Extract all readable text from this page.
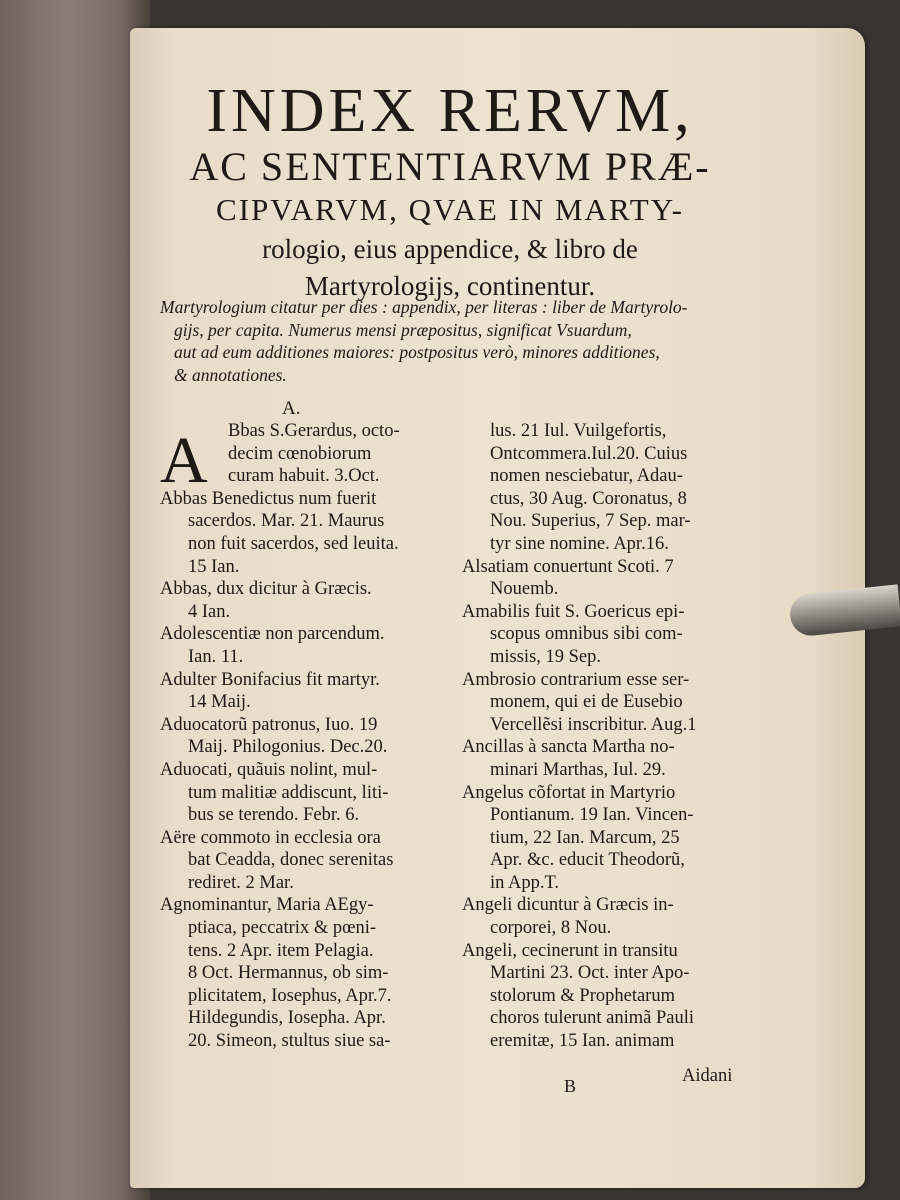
INDEX RERVM,
AC SENTENTIARVM PRÆ-
CIPVARVM, QVAE IN MARTY-
rologio, eius appendice, & libro de
Martyrologijs, continentur.
Martyrologium citatur per dies : appendix, per literas : liber de Martyrolo-
gijs, per capita. Numerus mensi præpositus, significat Vsuardum,
aut ad eum additiones maiores: postpositus verò, minores additiones,
& annotationes.
A.
A	Bbas S.Gerardus, octo-
decim cœnobiorum
curam habuit. 3.Oct.
Abbas Benedictus num fuerit
sacerdos. Mar. 21. Maurus
non fuit sacerdos, sed leuita.
15 Ian.
Abbas, dux dicitur à Græcis.
4 Ian.
Adolescentiæ non parcendum.
Ian. 11.
Adulter Bonifacius fit martyr.
14 Maij.
Aduocatorũ patronus, Iuo. 19
Maij. Philogonius. Dec.20.
Aduocati, quãuis nolint, mul-
tum malitiæ addiscunt, liti-
bus se terendo. Febr. 6.
Aëre commoto in ecclesia ora
bat Ceadda, donec serenitas
rediret. 2 Mar.
Agnominantur, Maria AEgy-
ptiaca, peccatrix & pœni-
tens. 2 Apr. item Pelagia.
8 Oct. Hermannus, ob sim-
plicitatem, Iosephus, Apr.7.
Hildegundis, Iosepha. Apr.
20. Simeon, stultus siue sa-
lus. 21 Iul. Vuilgefortis,
Ontcommera.Iul.20. Cuius
nomen nesciebatur, Adau-
ctus, 30 Aug. Coronatus, 8
Nou. Superius, 7 Sep. mar-
tyr sine nomine. Apr.16.
Alsatiam conuertunt Scoti. 7
Nouemb.
Amabilis fuit S. Goericus epi-
scopus omnibus sibi com-
missis, 19 Sep.
Ambrosio contrarium esse ser-
monem, qui ei de Eusebio
Vercellẽsi inscribitur. Aug.1
Ancillas à sancta Martha no-
minari Marthas, Iul. 29.
Angelus cõfortat in Martyrio
Pontianum. 19 Ian. Vincen-
tium, 22 Ian. Marcum, 25
Apr. &c. educit Theodorũ,
in App.T.
Angeli dicuntur à Græcis in-
corporei, 8 Nou.
Angeli, cecinerunt in transitu
Martini 23. Oct. inter Apo-
stolorum & Prophetarum
choros tulerunt animã Pauli
eremitæ, 15 Ian. animam
B	Aidani
